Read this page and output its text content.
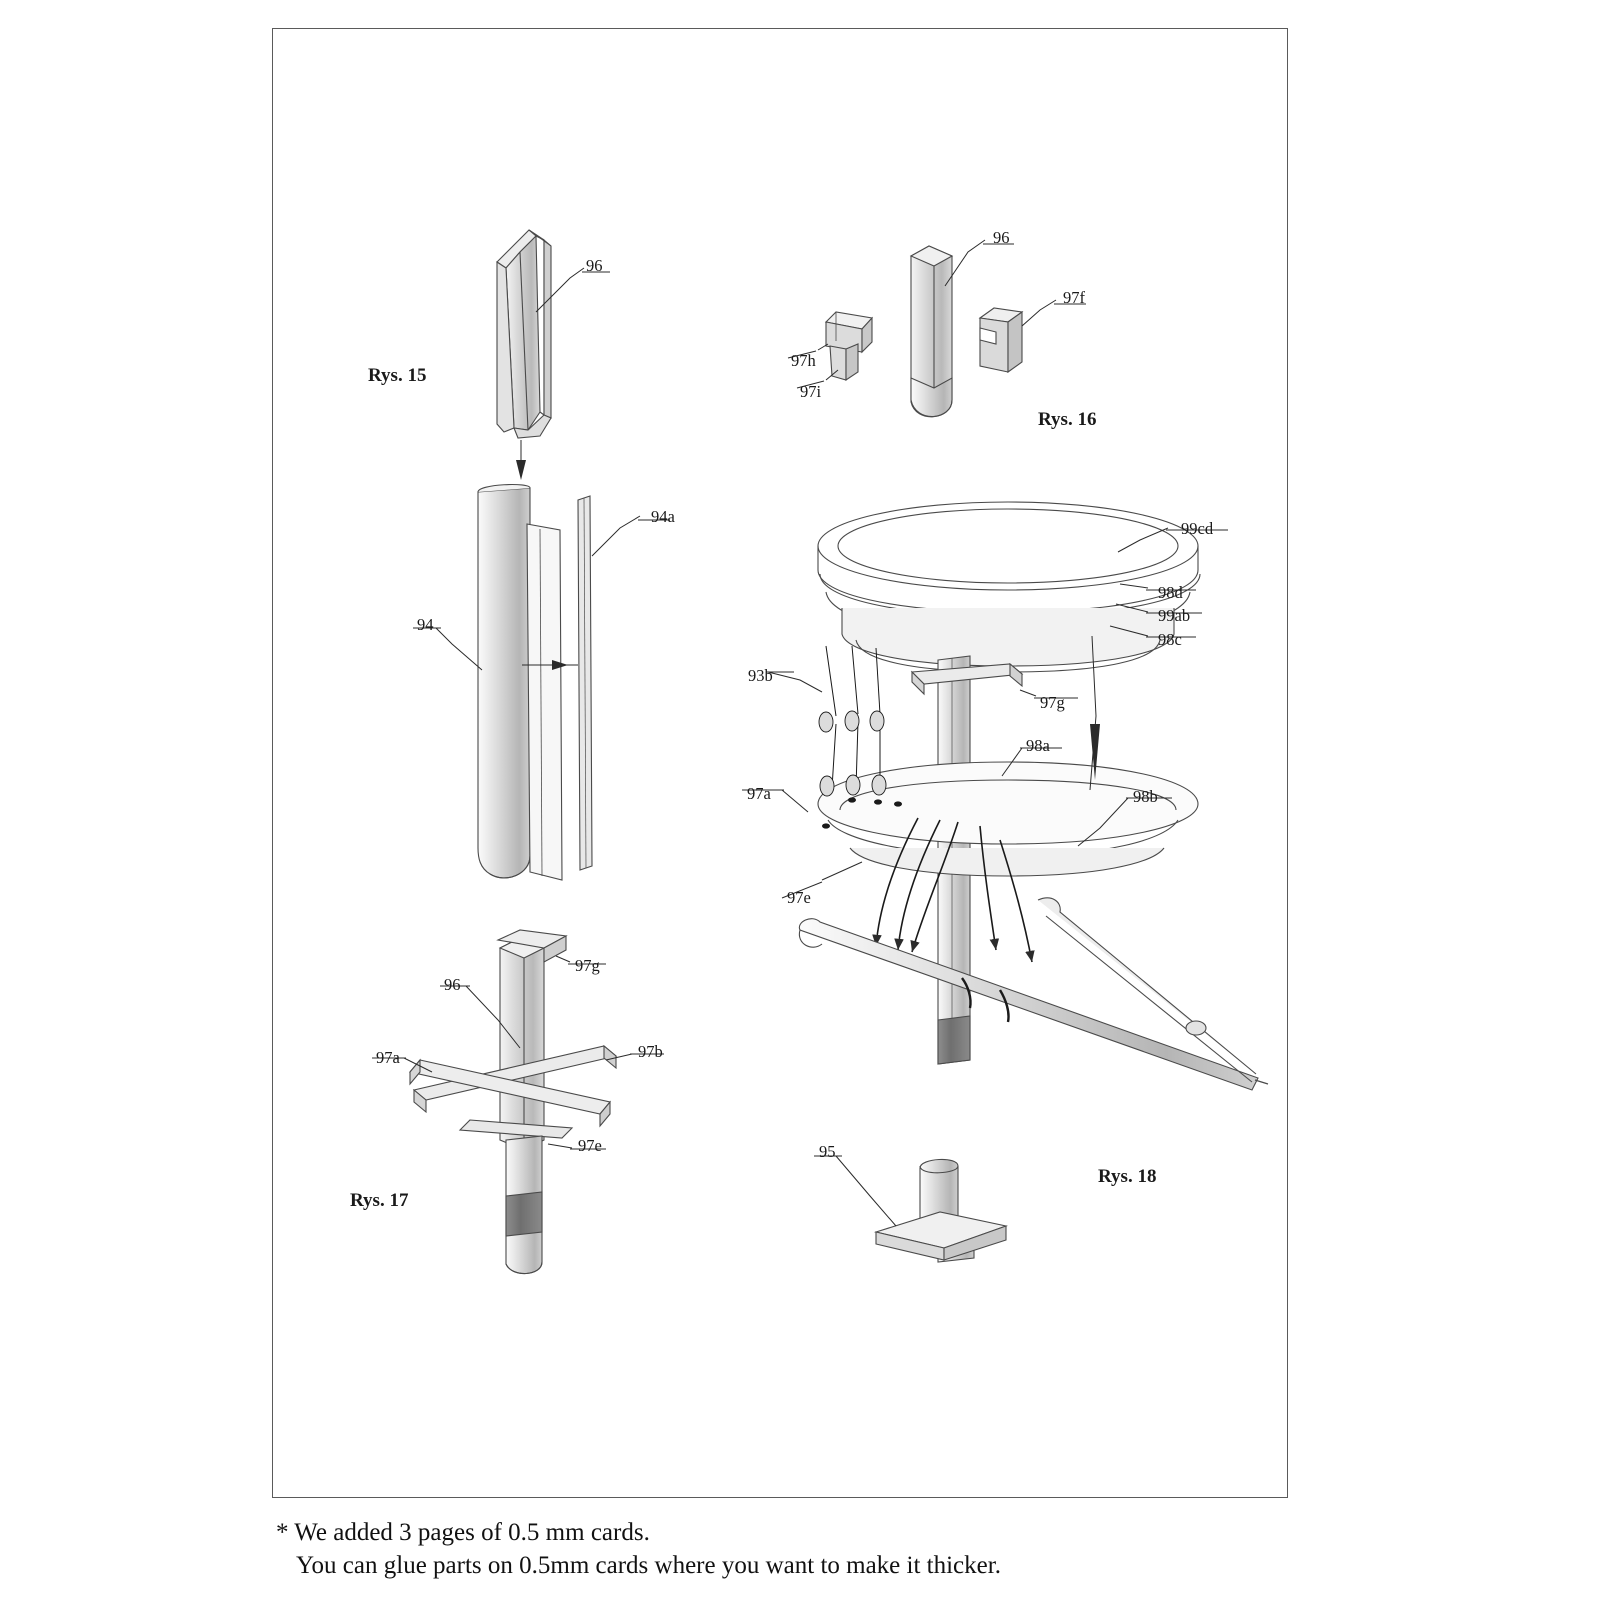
Rys. 15
Rys. 16
Rys. 17
Rys. 18
96
96
97f
97h
97i
94a
94
99cd
98d
99ab
98c
93b
97g
98a
97a	98b
97e
97g
96
97a	97b
97e	95
* We added 3 pages of 0.5 mm cards.
You can glue parts on 0.5mm cards where you want to make it thicker.
